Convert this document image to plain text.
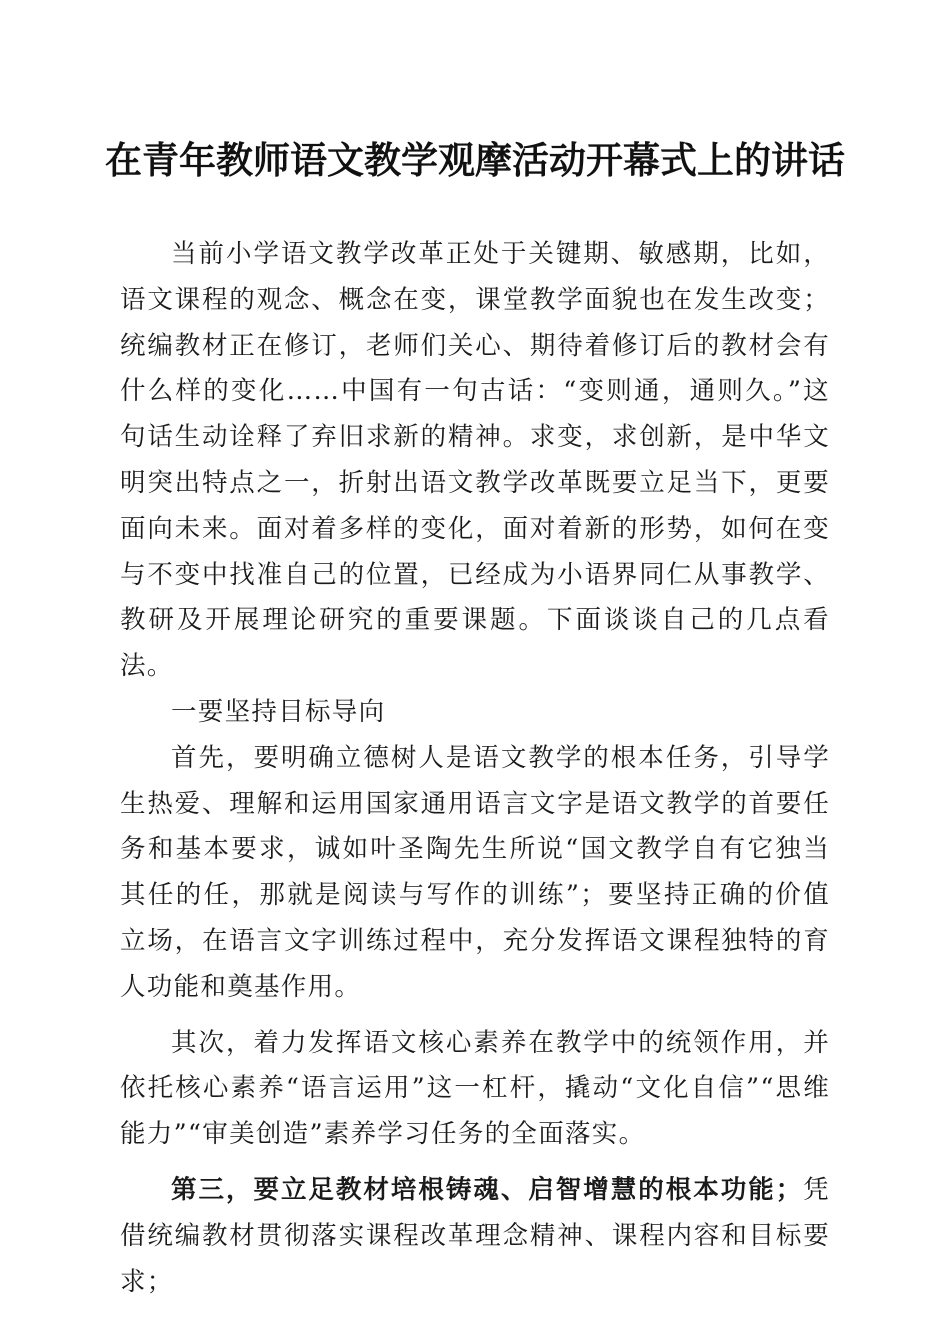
在青年教师语文教学观摩活动开幕式上的讲话

当前小学语文教学改革正处于关键期、敏感期，比如，语文课程的观念、概念在变，课堂教学面貌也在发生改变；统编教材正在修订，老师们关心、期待着修订后的教材会有什么样的变化……中国有一句古话：“变则通，通则久。”这句话生动诠释了弃旧求新的精神。求变，求创新，是中华文明突出特点之一，折射出语文教学改革既要立足当下，更要面向未来。面对着多样的变化，面对着新的形势，如何在变与不变中找准自己的位置，已经成为小语界同仁从事教学、教研及开展理论研究的重要课题。下面谈谈自己的几点看法。

一要坚持目标导向

首先，要明确立德树人是语文教学的根本任务，引导学生热爱、理解和运用国家通用语言文字是语文教学的首要任务和基本要求，诚如叶圣陶先生所说“国文教学自有它独当其任的任，那就是阅读与写作的训练”；要坚持正确的价值立场，在语言文字训练过程中，充分发挥语文课程独特的育人功能和奠基作用。

其次，着力发挥语文核心素养在教学中的统领作用，并依托核心素养“语言运用”这一杠杆，撬动“文化自信”“思维能力”“审美创造”素养学习任务的全面落实。

第三，要立足教材培根铸魂、启智增慧的根本功能；凭借统编教材贯彻落实课程改革理念精神、课程内容和目标要求；
